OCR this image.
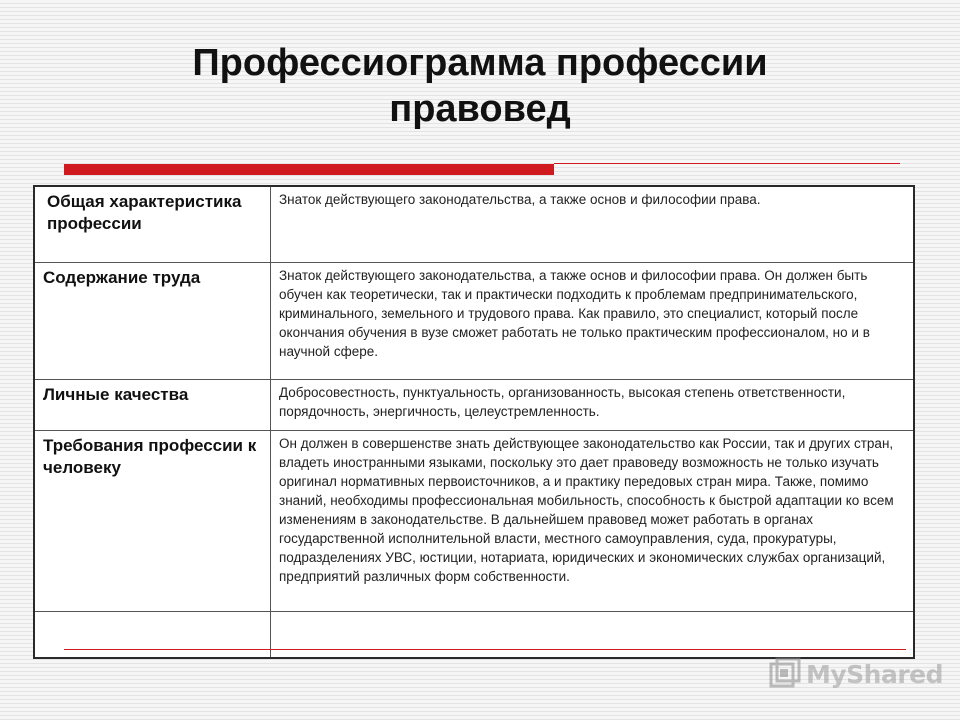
Профессиограмма профессии
правовед
Общая характеристика профессии	Знаток действующего законодательства, а также основ и философии права.

Содержание труда	Знаток действующего законодательства, а также основ и философии права. Он должен быть обучен как теоретически, так и практически подходить к проблемам предпринимательского, криминального, земельного и трудового права. Как правило, это специалист, который после окончания обучения в вузе сможет работать не только практическим профессионалом, но и в научной сфере.

Личные качества	Добросовестность, пунктуальность, организованность, высокая степень ответственности, порядочность, энергичность, целеустремленность.

Требования профессии к человеку	Он должен в совершенстве знать действующее законодательство как России, так и других стран, владеть иностранными языками, поскольку это дает правоведу возможность не только изучать оригинал нормативных первоисточников, а и практику передовых стран мира. Также, помимо знаний, необходимы профессиональная мобильность, способность к быстрой адаптации ко всем изменениям в законодательстве. В дальнейшем правовед может работать в органах государственной исполнительной власти, местного самоуправления, суда, прокуратуры, подразделениях УВС, юстиции, нотариата, юридических и экономических службах организаций, предприятий различных форм собственности.

MyShared
